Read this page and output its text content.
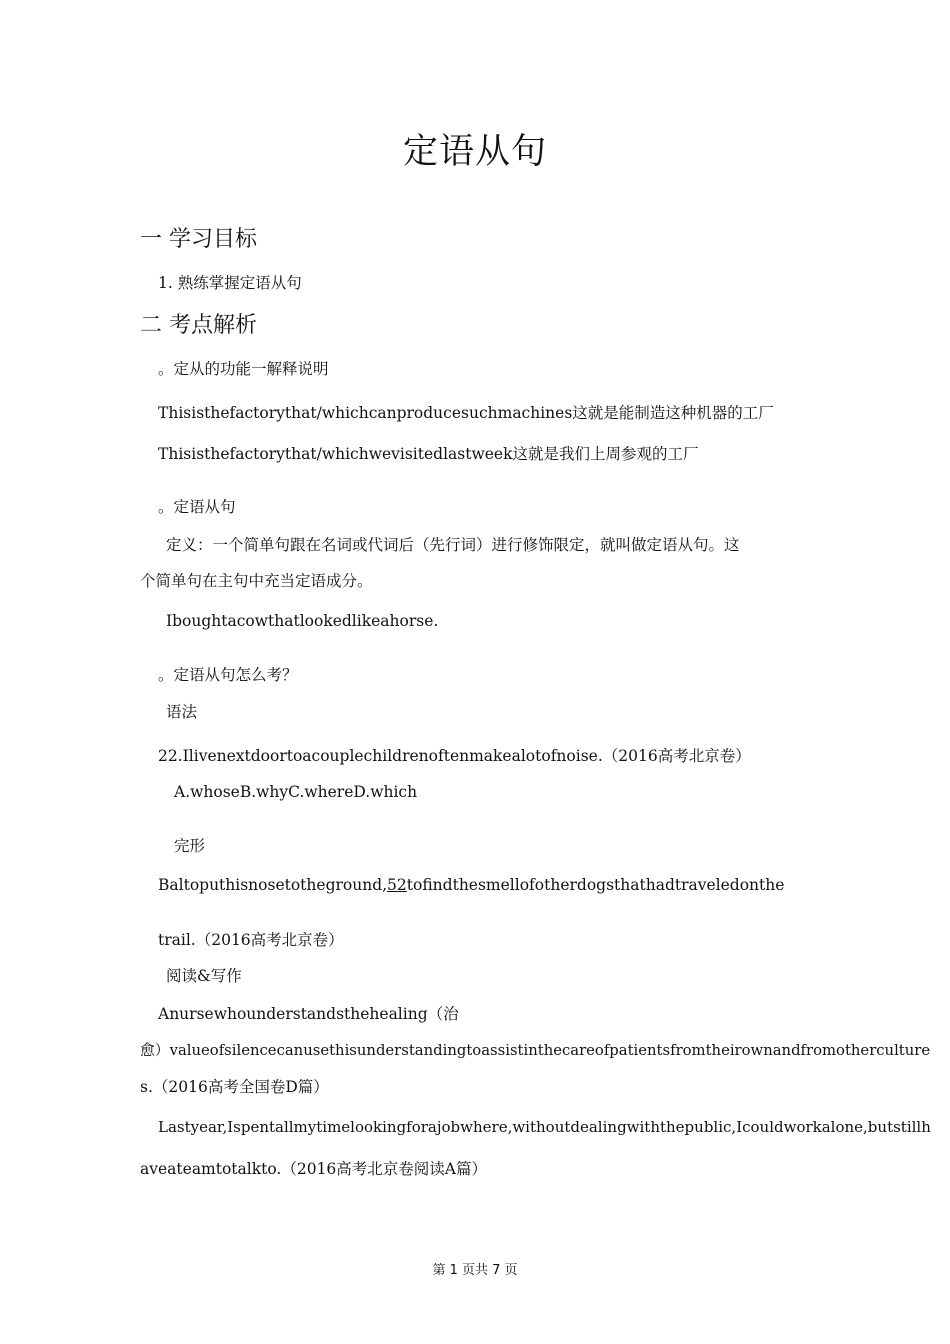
定语从句
一 学习目标
1. 熟练掌握定语从句
二 考点解析
。定从的功能一解释说明
Thisisthefactorythat/whichcanproducesuchmachines这就是能制造这种机器的工厂
Thisisthefactorythat/whichwevisitedlastweek这就是我们上周参观的工厂
。定语从句
定义：一个简单句跟在名词或代词后（先行词）进行修饰限定，就叫做定语从句。这
个简单句在主句中充当定语成分。
Iboughtacowthatlookedlikeahorse.
。定语从句怎么考？
语法
22.Ilivenextdoortoacouplechildrenoftenmakealotofnoise.（2016高考北京卷）
A.whoseB.whyC.whereD.which
完形
Baltoputhisnosetotheground,52tofindthesmellofotherdogsthathadtraveledonthe
trail.（2016高考北京卷）
阅读&写作
Anursewhounderstandsthehealing（治
愈）valueofsilencecanusethisunderstandingtoassistinthecareofpatientsfromtheirownandfromotherculture
s.（2016高考全国卷D篇）
Lastyear,Ispentallmytimelookingforajobwhere,withoutdealingwiththepublic,Icouldworkalone,butstillh
aveateamtotalkto.（2016高考北京卷阅读A篇）
第 1 页共 7 页
